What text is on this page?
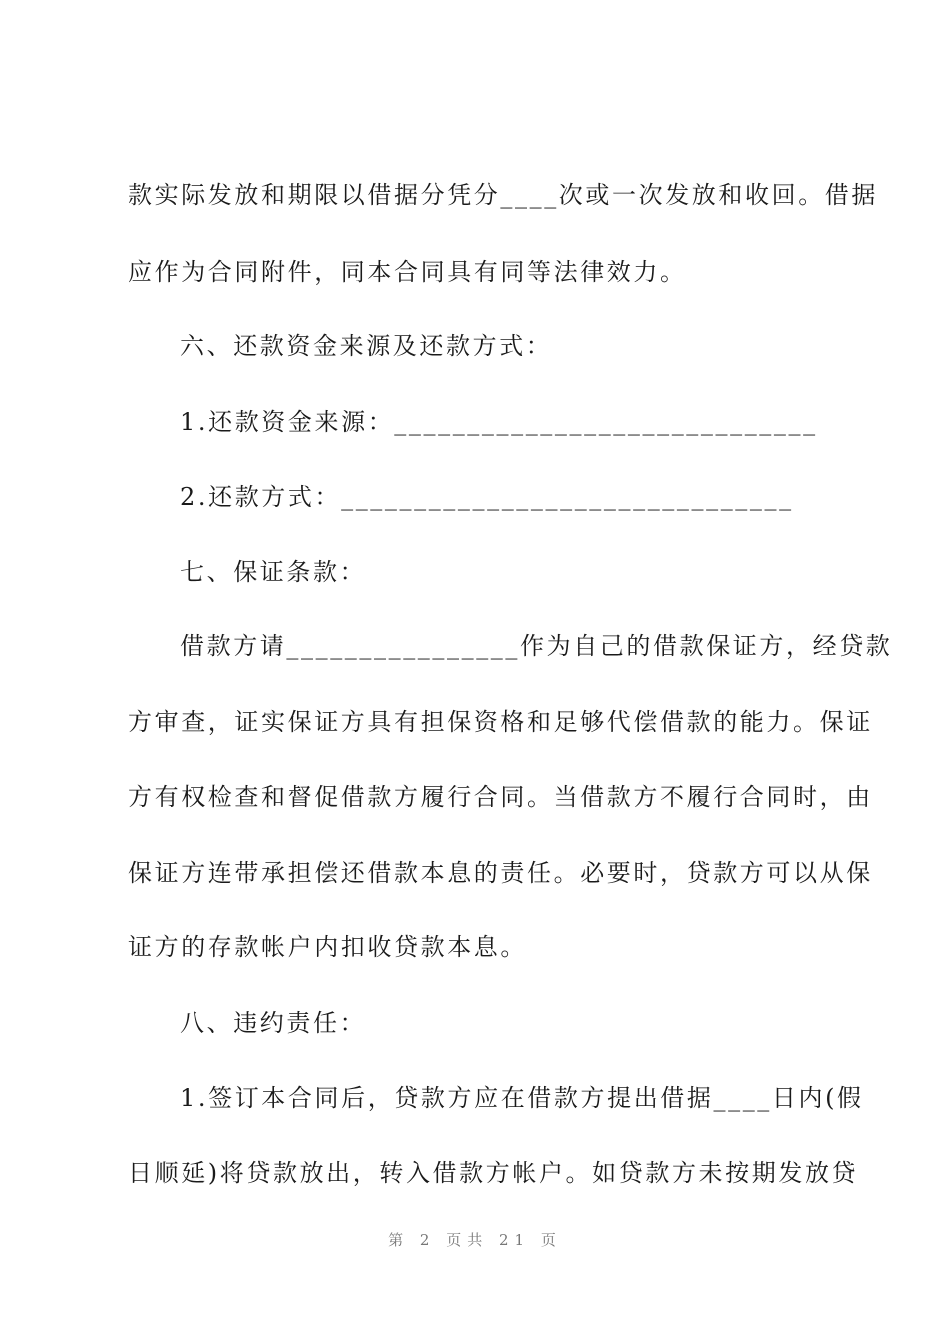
款实际发放和期限以借据分凭分____次或一次发放和收回。借据
应作为合同附件，同本合同具有同等法律效力。
六、还款资金来源及还款方式：
1.还款资金来源：_____________________________
2.还款方式：_______________________________
七、保证条款：
借款方请________________作为自己的借款保证方，经贷款
方审查，证实保证方具有担保资格和足够代偿借款的能力。保证
方有权检查和督促借款方履行合同。当借款方不履行合同时，由
保证方连带承担偿还借款本息的责任。必要时，贷款方可以从保
证方的存款帐户内扣收贷款本息。
八、违约责任：
1.签订本合同后，贷款方应在借款方提出借据____日内(假
日顺延)将贷款放出，转入借款方帐户。如贷款方未按期发放贷
第 2 页共 21 页
